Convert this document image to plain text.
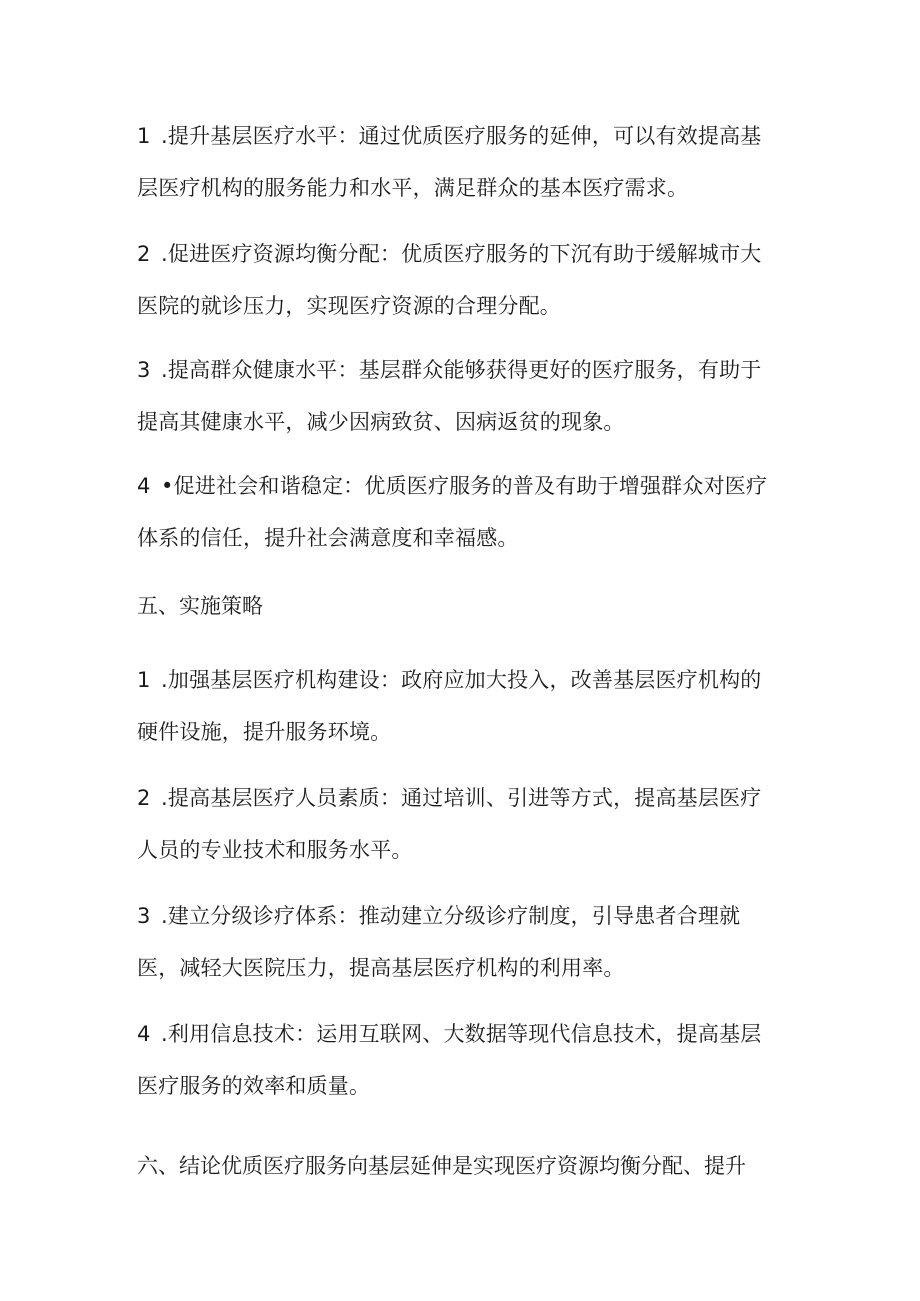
1 .提升基层医疗水平：通过优质医疗服务的延伸，可以有效提高基
层医疗机构的服务能力和水平，满足群众的基本医疗需求。
2 .促进医疗资源均衡分配：优质医疗服务的下沉有助于缓解城市大
医院的就诊压力，实现医疗资源的合理分配。
3 .提高群众健康水平：基层群众能够获得更好的医疗服务，有助于
提高其健康水平，减少因病致贫、因病返贫的现象。
4 •促进社会和谐稳定：优质医疗服务的普及有助于增强群众对医疗
体系的信任，提升社会满意度和幸福感。
五、实施策略
1 .加强基层医疗机构建设：政府应加大投入，改善基层医疗机构的
硬件设施，提升服务环境。
2 .提高基层医疗人员素质：通过培训、引进等方式，提高基层医疗
人员的专业技术和服务水平。
3 .建立分级诊疗体系：推动建立分级诊疗制度，引导患者合理就
医，减轻大医院压力，提高基层医疗机构的利用率。
4 .利用信息技术：运用互联网、大数据等现代信息技术，提高基层
医疗服务的效率和质量。
六、结论优质医疗服务向基层延伸是实现医疗资源均衡分配、提升
